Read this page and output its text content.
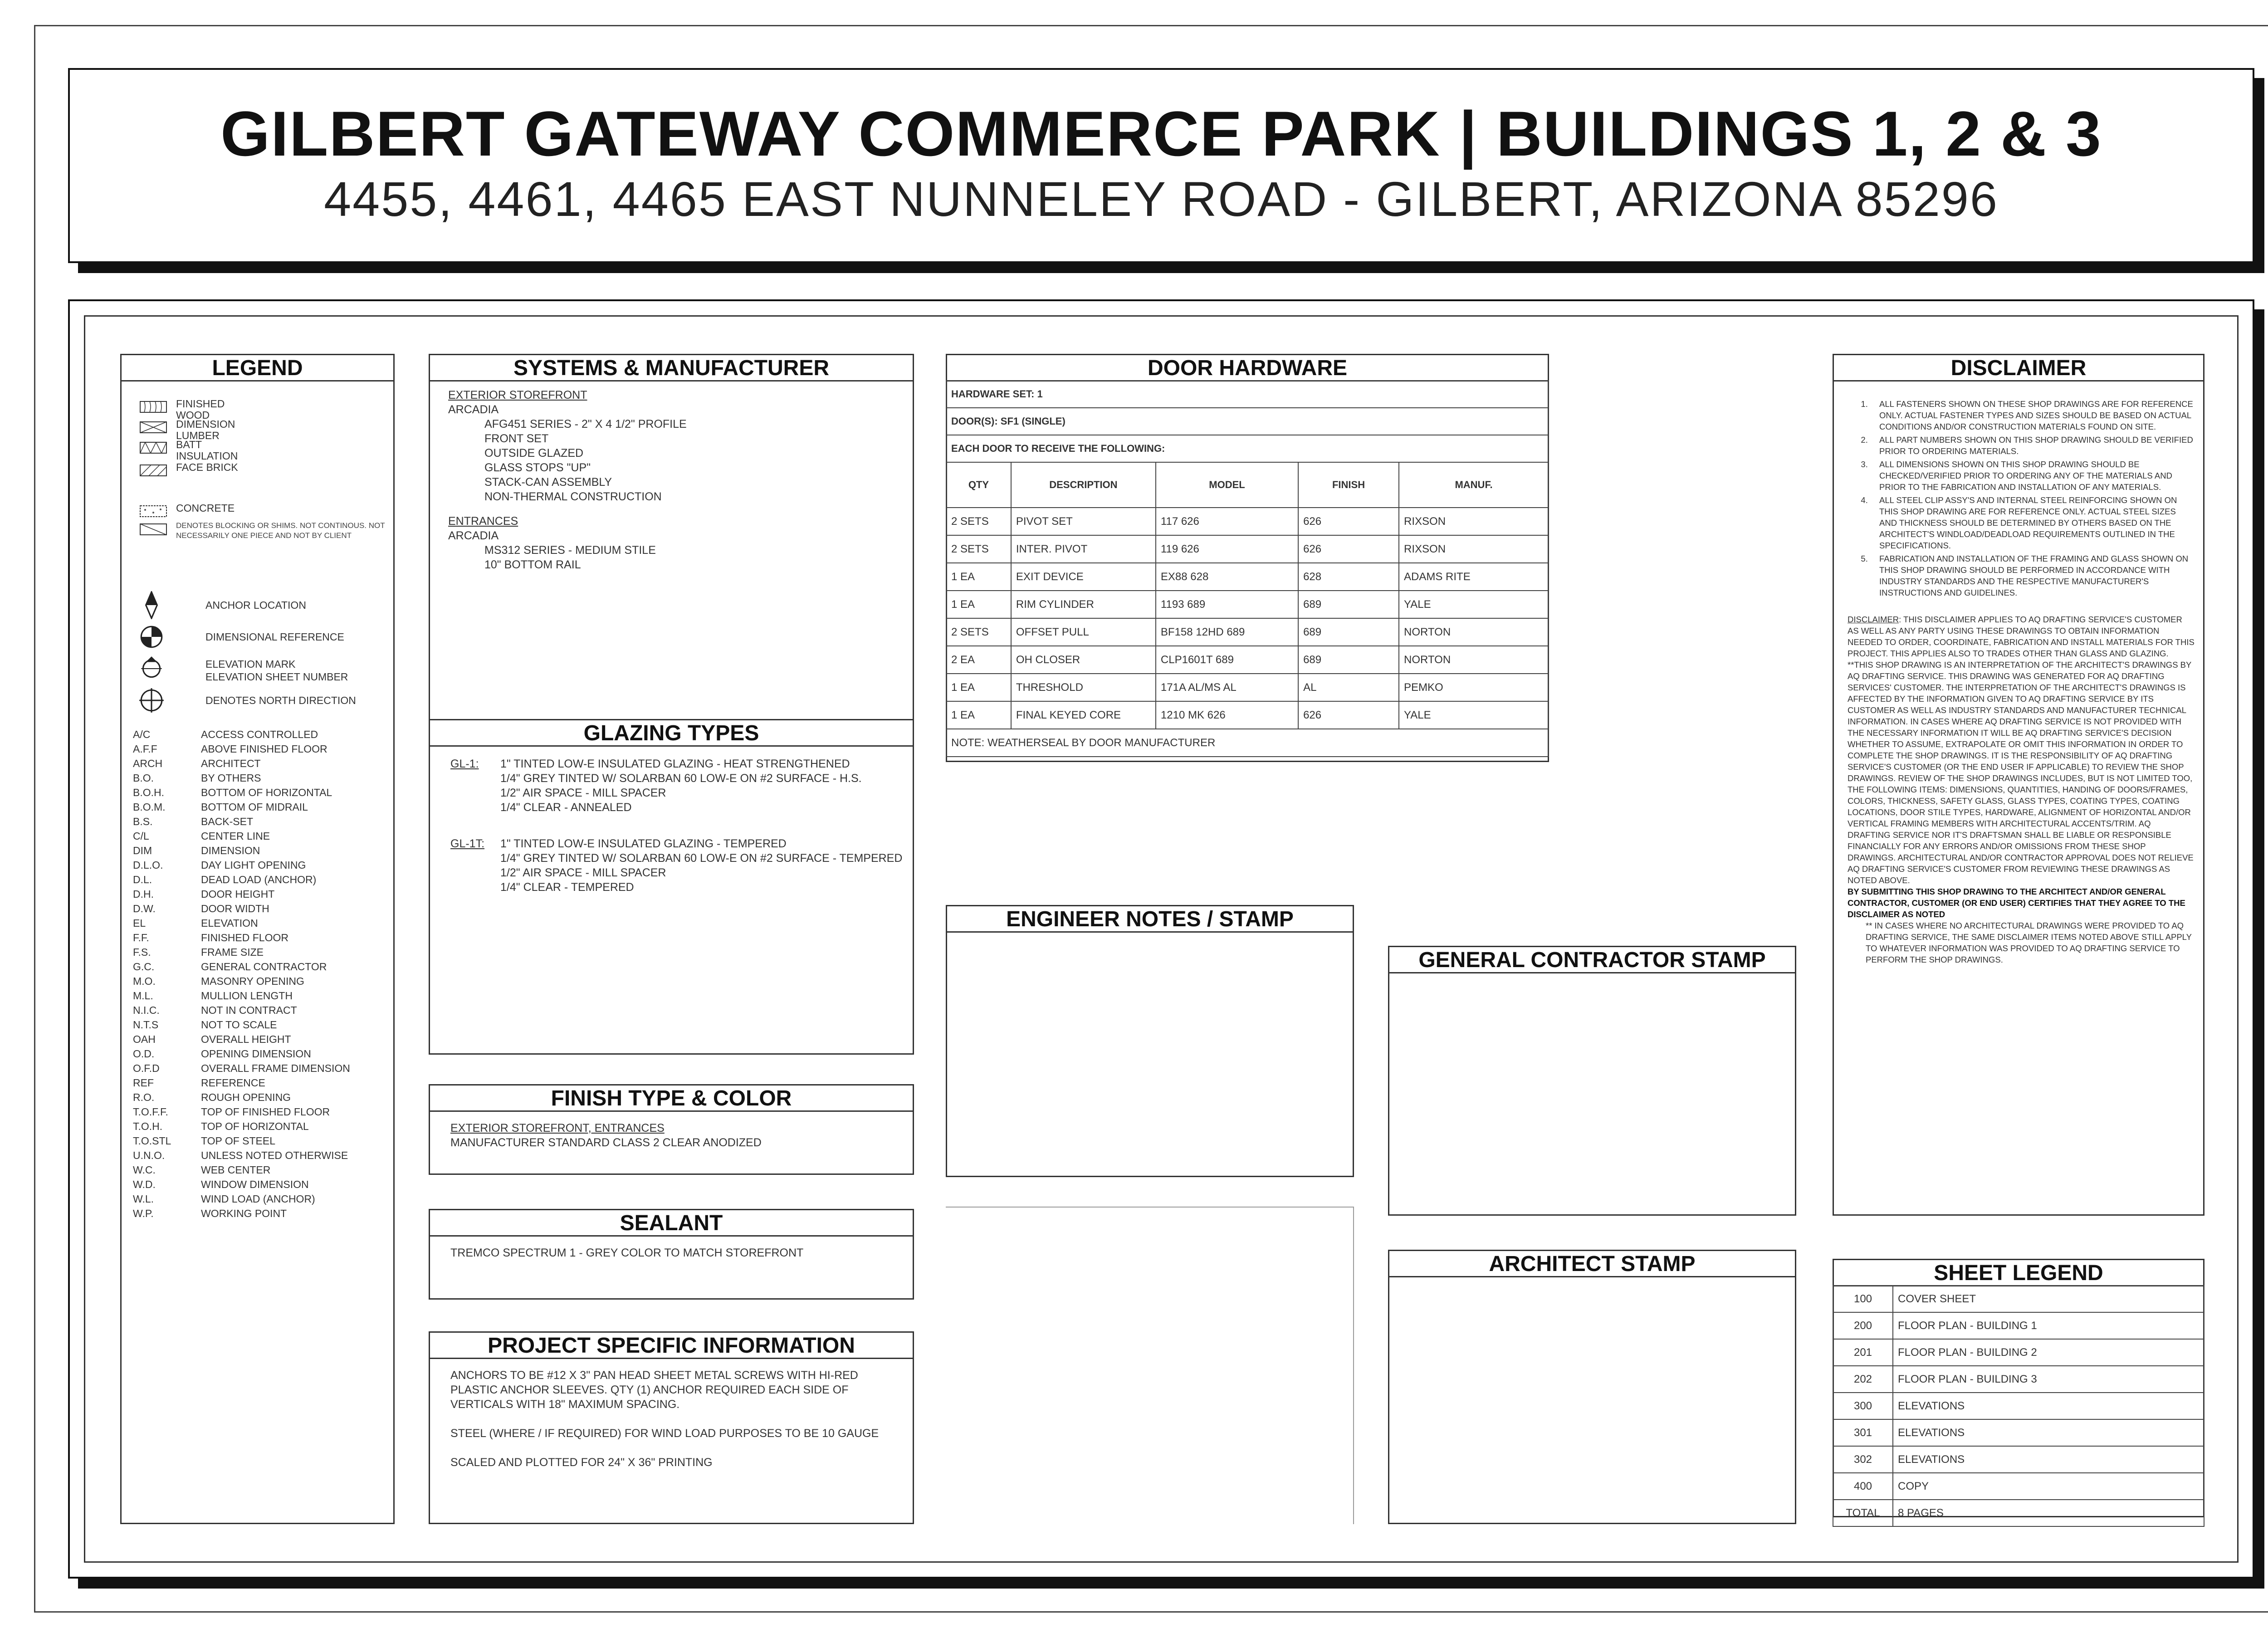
GILBERT GATEWAY COMMERCE PARK | BUILDINGS 1, 2 & 3
4455, 4461, 4465 EAST NUNNELEY ROAD - GILBERT, ARIZONA 85296
LEGEND
FINISHED WOOD
DIMENSION LUMBER
BATT INSULATION
FACE BRICK
CONCRETE
DENOTES BLOCKING OR SHIMS. NOT CONTINOUS. NOT NECESSARILY ONE PIECE AND NOT BY CLIENT
ANCHOR LOCATION
DIMENSIONAL REFERENCE
ELEVATION MARK
ELEVATION SHEET NUMBER
DENOTES NORTH DIRECTION
A/C	ACCESS CONTROLLED
A.F.F	ABOVE FINISHED FLOOR
ARCH	ARCHITECT
B.O.	BY OTHERS
B.O.H.	BOTTOM OF HORIZONTAL
B.O.M.	BOTTOM OF MIDRAIL
B.S.	BACK-SET
C/L	CENTER LINE
DIM	DIMENSION
D.L.O.	DAY LIGHT OPENING
D.L.	DEAD LOAD (ANCHOR)
D.H.	DOOR HEIGHT
D.W.	DOOR WIDTH
EL	ELEVATION
F.F.	FINISHED FLOOR
F.S.	FRAME SIZE
G.C.	GENERAL CONTRACTOR
M.O.	MASONRY OPENING
M.L.	MULLION LENGTH
N.I.C.	NOT IN CONTRACT
N.T.S	NOT TO SCALE
OAH	OVERALL HEIGHT
O.D.	OPENING DIMENSION
O.F.D	OVERALL FRAME DIMENSION
REF	REFERENCE
R.O.	ROUGH OPENING
T.O.F.F.	TOP OF FINISHED FLOOR
T.O.H.	TOP OF HORIZONTAL
T.O.STL	TOP OF STEEL
U.N.O.	UNLESS NOTED OTHERWISE
W.C.	WEB CENTER
W.D.	WINDOW DIMENSION
W.L.	WIND LOAD (ANCHOR)
W.P.	WORKING POINT
SYSTEMS & MANUFACTURER
EXTERIOR STOREFRONT
ARCADIA
AFG451 SERIES - 2" X 4 1/2" PROFILE
FRONT SET
OUTSIDE GLAZED
GLASS STOPS "UP"
STACK-CAN ASSEMBLY
NON-THERMAL CONSTRUCTION
ENTRANCES
ARCADIA
MS312 SERIES - MEDIUM STILE
10" BOTTOM RAIL
GLAZING TYPES
GL-1:	1" TINTED LOW-E INSULATED GLAZING - HEAT STRENGTHENED
1/4" GREY TINTED W/ SOLARBAN 60 LOW-E ON #2 SURFACE - H.S.
1/2" AIR SPACE - MILL SPACER
1/4" CLEAR - ANNEALED
GL-1T:	1" TINTED LOW-E INSULATED GLAZING - TEMPERED
1/4" GREY TINTED W/ SOLARBAN 60 LOW-E ON #2 SURFACE - TEMPERED
1/2" AIR SPACE - MILL SPACER
1/4" CLEAR - TEMPERED
FINISH TYPE & COLOR
EXTERIOR STOREFRONT, ENTRANCES
MANUFACTURER STANDARD CLASS 2 CLEAR ANODIZED
SEALANT
TREMCO SPECTRUM 1 - GREY COLOR TO MATCH STOREFRONT
PROJECT SPECIFIC INFORMATION
ANCHORS TO BE #12 X 3" PAN HEAD SHEET METAL SCREWS WITH HI-RED PLASTIC ANCHOR SLEEVES. QTY (1) ANCHOR REQUIRED EACH SIDE OF VERTICALS WITH 18" MAXIMUM SPACING.
STEEL (WHERE / IF REQUIRED) FOR WIND LOAD PURPOSES TO BE 10 GAUGE
SCALED AND PLOTTED FOR 24" X 36" PRINTING
DOOR HARDWARE
HARDWARE SET: 1				
DOOR(S): SF1 (SINGLE)				
EACH DOOR TO RECEIVE THE FOLLOWING:				
QTY	DESCRIPTION	MODEL	FINISH	MANUF.
2 SETS	PIVOT SET	117 626	626	RIXSON
2 SETS	INTER. PIVOT	119 626	626	RIXSON
1 EA	EXIT DEVICE	EX88 628	628	ADAMS RITE
1 EA	RIM CYLINDER	1193 689	689	YALE
2 SETS	OFFSET PULL	BF158 12HD 689	689	NORTON
2 EA	OH CLOSER	CLP1601T 689	689	NORTON
1 EA	THRESHOLD	171A AL/MS AL	AL	PEMKO
1 EA	FINAL KEYED CORE	1210 MK 626	626	YALE
NOTE: WEATHERSEAL BY DOOR MANUFACTURER				
ENGINEER NOTES / STAMP
GENERAL CONTRACTOR STAMP
ARCHITECT STAMP
DISCLAIMER
1. ALL FASTENERS SHOWN ON THESE SHOP DRAWINGS ARE FOR REFERENCE ONLY. ACTUAL FASTENER TYPES AND SIZES SHOULD BE BASED ON ACTUAL CONDITIONS AND/OR CONSTRUCTION MATERIALS FOUND ON SITE.
2. ALL PART NUMBERS SHOWN ON THIS SHOP DRAWING SHOULD BE VERIFIED PRIOR TO ORDERING MATERIALS.
3. ALL DIMENSIONS SHOWN ON THIS SHOP DRAWING SHOULD BE CHECKED/VERIFIED PRIOR TO ORDERING ANY OF THE MATERIALS AND PRIOR TO THE FABRICATION AND INSTALLATION OF ANY MATERIALS.
4. ALL STEEL CLIP ASSY'S AND INTERNAL STEEL REINFORCING SHOWN ON THIS SHOP DRAWING ARE FOR REFERENCE ONLY. ACTUAL STEEL SIZES AND THICKNESS SHOULD BE DETERMINED BY OTHERS BASED ON THE ARCHITECT'S WINDLOAD/DEADLOAD REQUIREMENTS OUTLINED IN THE SPECIFICATIONS.
5. FABRICATION AND INSTALLATION OF THE FRAMING AND GLASS SHOWN ON THIS SHOP DRAWING SHOULD BE PERFORMED IN ACCORDANCE WITH INDUSTRY STANDARDS AND THE RESPECTIVE MANUFACTURER'S INSTRUCTIONS AND GUIDELINES.
DISCLAIMER: THIS DISCLAIMER APPLIES TO AQ DRAFTING SERVICE'S CUSTOMER AS WELL AS ANY PARTY USING THESE DRAWINGS TO OBTAIN INFORMATION NEEDED TO ORDER, COORDINATE, FABRICATION AND INSTALL MATERIALS FOR THIS PROJECT. THIS APPLIES ALSO TO TRADES OTHER THAN GLASS AND GLAZING. **THIS SHOP DRAWING IS AN INTERPRETATION OF THE ARCHITECT'S DRAWINGS BY AQ DRAFTING SERVICE. THIS DRAWING WAS GENERATED FOR AQ DRAFTING SERVICES' CUSTOMER. THE INTERPRETATION OF THE ARCHITECT'S DRAWINGS IS AFFECTED BY THE INFORMATION GIVEN TO AQ DRAFTING SERVICE BY ITS CUSTOMER AS WELL AS INDUSTRY STANDARDS AND MANUFACTURER TECHNICAL INFORMATION. IN CASES WHERE AQ DRAFTING SERVICE IS NOT PROVIDED WITH THE NECESSARY INFORMATION IT WILL BE AQ DRAFTING SERVICE'S DECISION WHETHER TO ASSUME, EXTRAPOLATE OR OMIT THIS INFORMATION IN ORDER TO COMPLETE THE SHOP DRAWINGS. IT IS THE RESPONSIBILITY OF AQ DRAFTING SERVICE'S CUSTOMER (OR THE END USER IF APPLICABLE) TO REVIEW THE SHOP DRAWINGS. REVIEW OF THE SHOP DRAWINGS INCLUDES, BUT IS NOT LIMITED TOO, THE FOLLOWING ITEMS: DIMENSIONS, QUANTITIES, HANDING OF DOORS/FRAMES, COLORS, THICKNESS, SAFETY GLASS, GLASS TYPES, COATING TYPES, COATING LOCATIONS, DOOR STILE TYPES, HARDWARE, ALIGNMENT OF HORIZONTAL AND/OR VERTICAL FRAMING MEMBERS WITH ARCHITECTURAL ACCENTS/TRIM. AQ DRAFTING SERVICE NOR IT'S DRAFTSMAN SHALL BE LIABLE OR RESPONSIBLE FINANCIALLY FOR ANY ERRORS AND/OR OMISSIONS FROM THESE SHOP DRAWINGS. ARCHITECTURAL AND/OR CONTRACTOR APPROVAL DOES NOT RELIEVE AQ DRAFTING SERVICE'S CUSTOMER FROM REVIEWING THESE DRAWINGS AS NOTED ABOVE.
BY SUBMITTING THIS SHOP DRAWING TO THE ARCHITECT AND/OR GENERAL CONTRACTOR, CUSTOMER (OR END USER) CERTIFIES THAT THEY AGREE TO THE DISCLAIMER AS NOTED
** IN CASES WHERE NO ARCHITECTURAL DRAWINGS WERE PROVIDED TO AQ DRAFTING SERVICE, THE SAME DISCLAIMER ITEMS NOTED ABOVE STILL APPLY TO WHATEVER INFORMATION WAS PROVIDED TO AQ DRAFTING SERVICE TO PERFORM THE SHOP DRAWINGS.
SHEET LEGEND
100	COVER SHEET
200	FLOOR PLAN - BUILDING 1
201	FLOOR PLAN - BUILDING 2
202	FLOOR PLAN - BUILDING 3
300	ELEVATIONS
301	ELEVATIONS
302	ELEVATIONS
400	COPY
TOTAL	8 PAGES
